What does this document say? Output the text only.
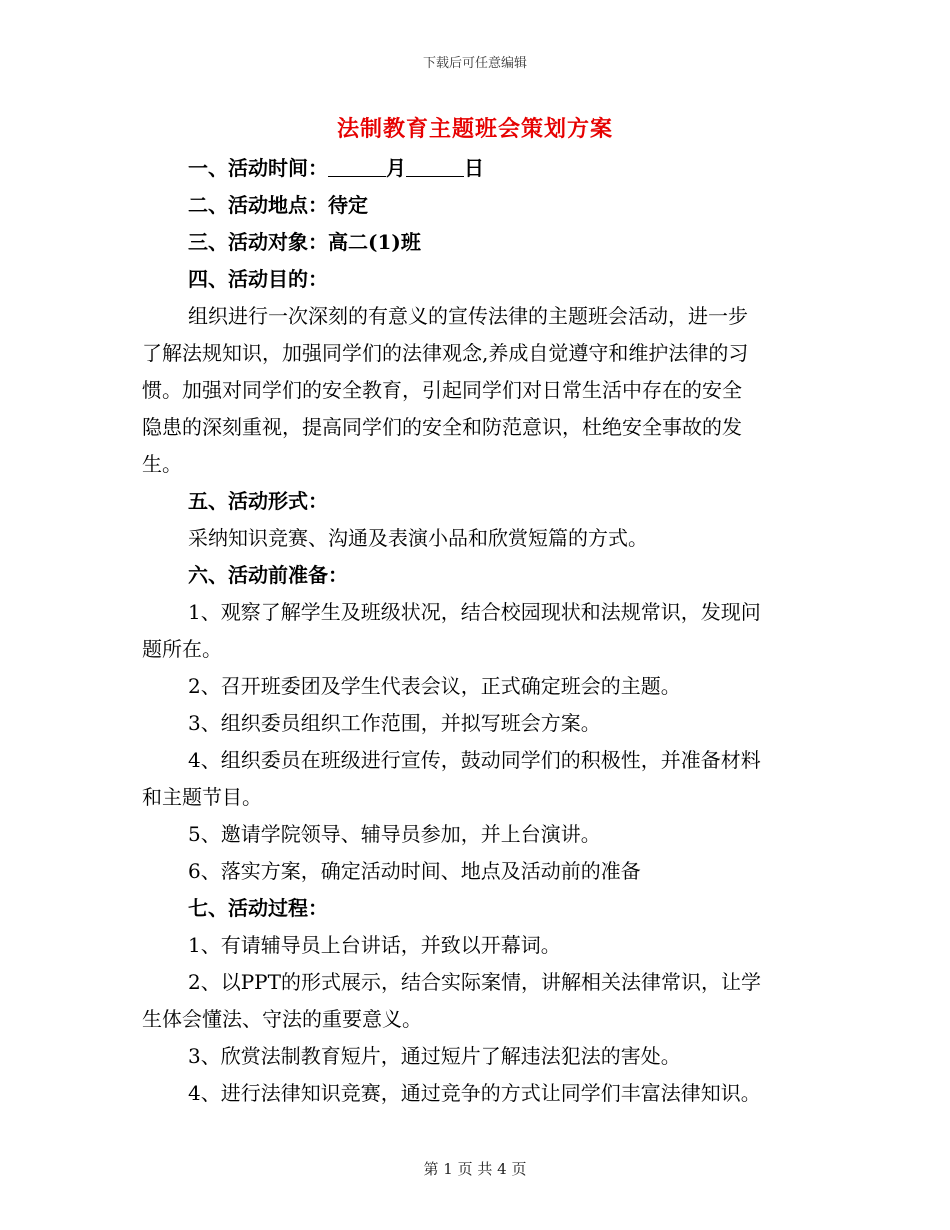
下载后可任意编辑
法制教育主题班会策划方案
一、活动时间：	月	日
二、活动地点：待定
三、活动对象：高二(1)班
四、活动目的：
组织进行一次深刻的有意义的宣传法律的主题班会活动，进一步
了解法规知识，加强同学们的法律观念,养成自觉遵守和维护法律的习
惯。加强对同学们的安全教育，引起同学们对日常生活中存在的安全
隐患的深刻重视，提高同学们的安全和防范意识，杜绝安全事故的发
生。
五、活动形式：
采纳知识竞赛、沟通及表演小品和欣赏短篇的方式。
六、活动前准备：
1、观察了解学生及班级状况，结合校园现状和法规常识，发现问
题所在。
2、召开班委团及学生代表会议，正式确定班会的主题。
3、组织委员组织工作范围，并拟写班会方案。
4、组织委员在班级进行宣传，鼓动同学们的积极性，并准备材料
和主题节目。
5、邀请学院领导、辅导员参加，并上台演讲。
6、落实方案，确定活动时间、地点及活动前的准备
七、活动过程：
1、有请辅导员上台讲话，并致以开幕词。
2、以PPT的形式展示，结合实际案情，讲解相关法律常识，让学
生体会懂法、守法的重要意义。
3、欣赏法制教育短片，通过短片了解违法犯法的害处。
4、进行法律知识竞赛，通过竞争的方式让同学们丰富法律知识。
第 1 页 共 4 页
